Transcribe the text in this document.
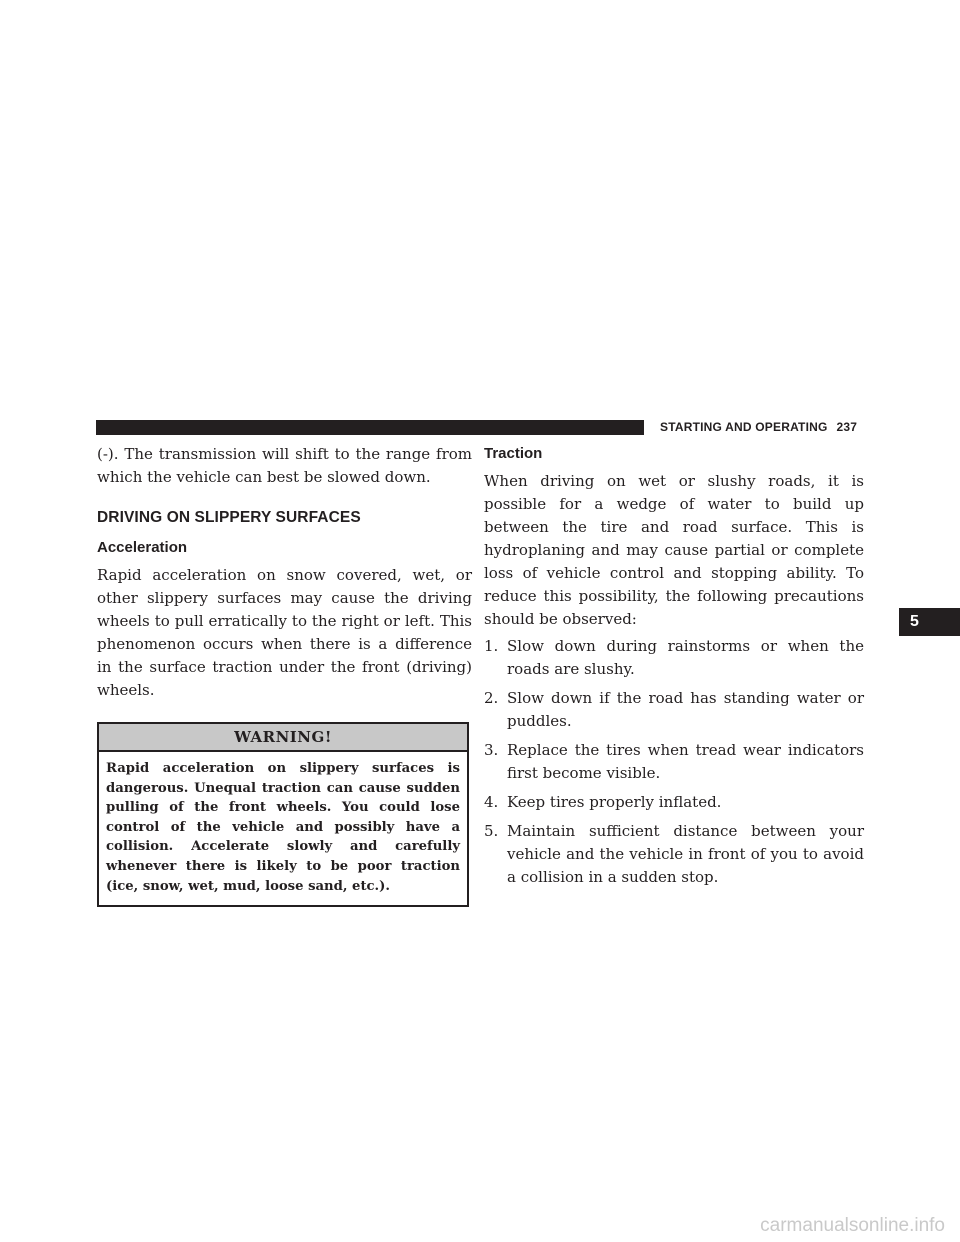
STARTING AND OPERATING 237

(-). The transmission will shift to the range from which the vehicle can best be slowed down.

DRIVING ON SLIPPERY SURFACES
Acceleration

Rapid acceleration on snow covered, wet, or other slippery surfaces may cause the driving wheels to pull erratically to the right or left. This phenomenon occurs when there is a difference in the surface traction under the front (driving) wheels.

WARNING!
Rapid acceleration on slippery surfaces is dangerous. Unequal traction can cause sudden pulling of the front wheels. You could lose control of the vehicle and possibly have a collision. Accelerate slowly and carefully whenever there is likely to be poor traction (ice, snow, wet, mud, loose sand, etc.).
Traction

When driving on wet or slushy roads, it is possible for a wedge of water to build up between the tire and road surface. This is hydroplaning and may cause partial or complete loss of vehicle control and stopping ability. To reduce this possibility, the following precautions should be observed:

1. Slow down during rainstorms or when the roads are slushy.
2. Slow down if the road has standing water or puddles.
3. Replace the tires when tread wear indicators first become visible.
4. Keep tires properly inflated.
5. Maintain sufficient distance between your vehicle and the vehicle in front of you to avoid a collision in a sudden stop.
5
carmanualsonline.info
